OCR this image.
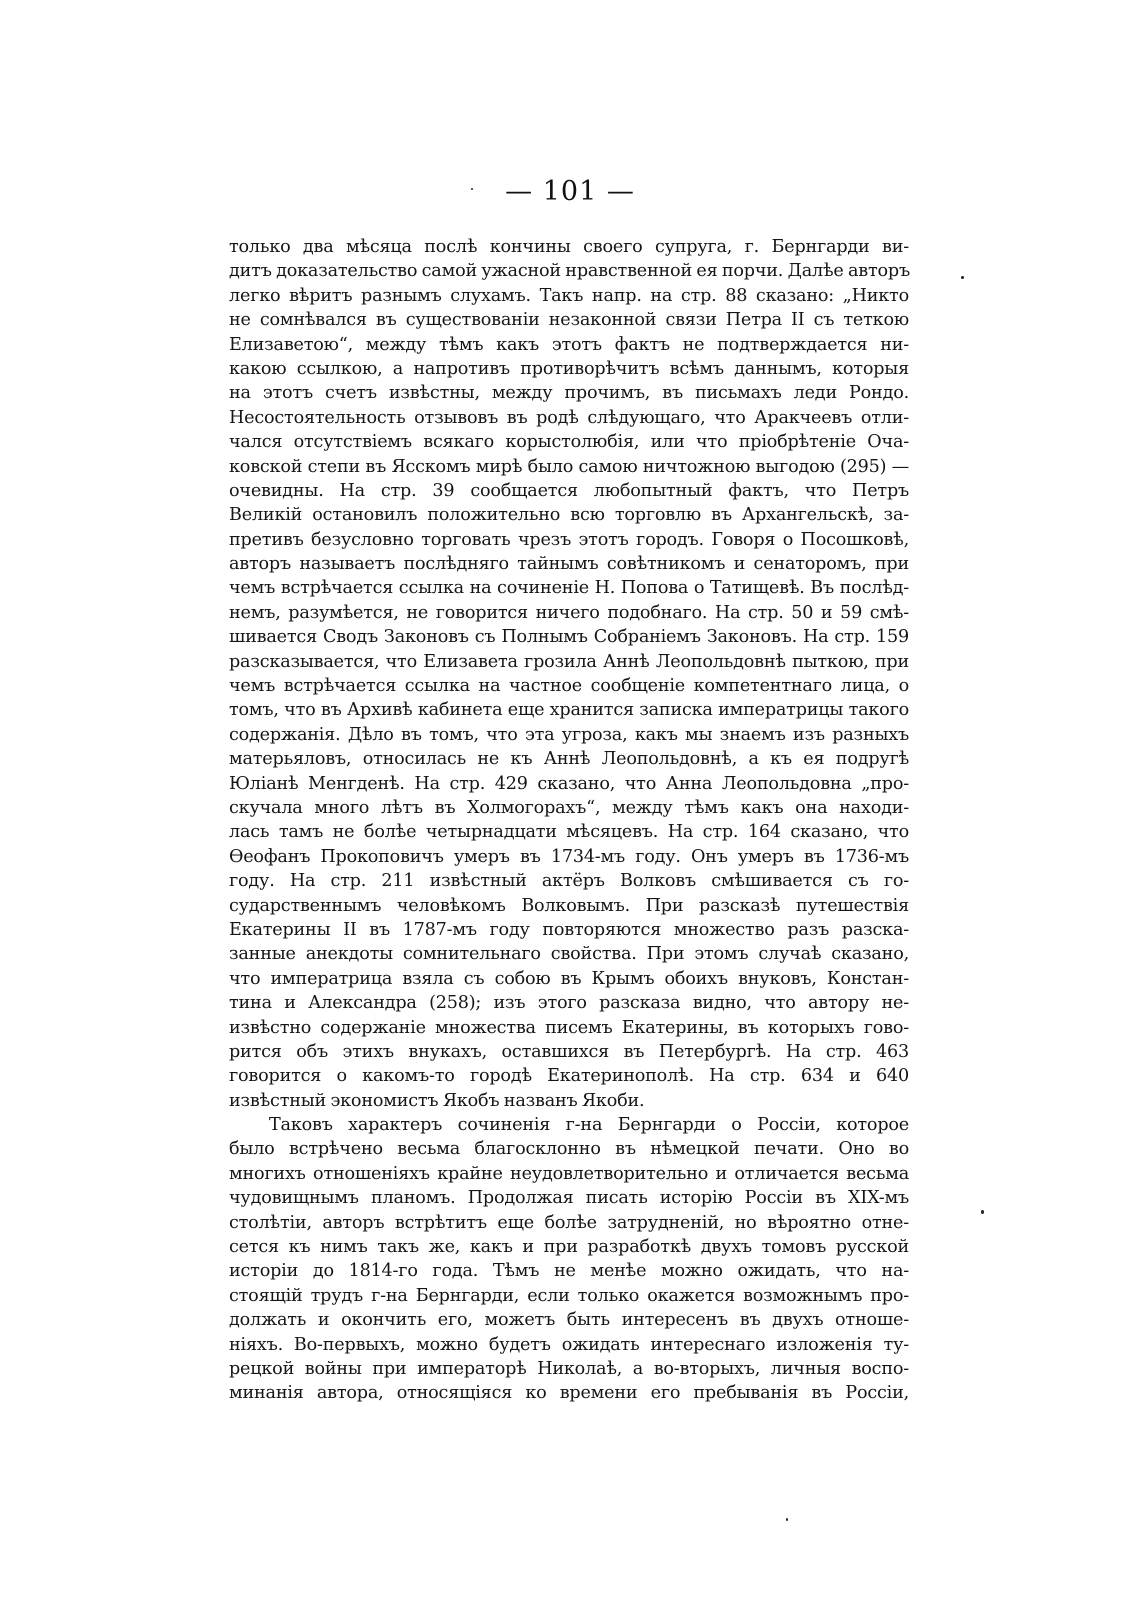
— 101 —
только два мѣсяца послѣ кончины своего супруга, г. Бернгарди ви-
дитъ доказательство самой ужасной нравственной ея порчи. Далѣе авторъ
легко вѣритъ разнымъ слухамъ. Такъ напр. на стр. 88 сказано: „Никто
не сомнѣвался въ существованіи незаконной связи Петра II съ теткою
Елизаветою“, между тѣмъ какъ этотъ фактъ не подтверждается ни-
какою ссылкою, а напротивъ противорѣчитъ всѣмъ даннымъ, которыя
на этотъ счетъ извѣстны, между прочимъ, въ письмахъ леди Рондо.
Несостоятельность отзывовъ въ родѣ слѣдующаго, что Аракчеевъ отли-
чался отсутствіемъ всякаго корыстолюбія, или что пріобрѣтеніе Оча-
ковской степи въ Ясскомъ мирѣ было самою ничтожною выгодою (295) —
очевидны. На стр. 39 сообщается любопытный фактъ, что Петръ
Великій остановилъ положительно всю торговлю въ Архангельскѣ, за-
претивъ безусловно торговать чрезъ этотъ городъ. Говоря о Посошковѣ,
авторъ называетъ послѣдняго тайнымъ совѣтникомъ и сенаторомъ, при
чемъ встрѣчается ссылка на сочиненіе Н. Попова о Татищевѣ. Въ послѣд-
немъ, разумѣется, не говорится ничего подобнаго. На стр. 50 и 59 смѣ-
шивается Сводъ Законовъ съ Полнымъ Собраніемъ Законовъ. На стр. 159
разсказывается, что Елизавета грозила Аннѣ Леопольдовнѣ пыткою, при
чемъ встрѣчается ссылка на частное сообщеніе компетентнаго лица, о
томъ, что въ Архивѣ кабинета еще хранится записка императрицы такого
содержанія. Дѣло въ томъ, что эта угроза, какъ мы знаемъ изъ разныхъ
матерьяловъ, относилась не къ Аннѣ Леопольдовнѣ, а къ ея подругѣ
Юліанѣ Менгденѣ. На стр. 429 сказано, что Анна Леопольдовна „про-
скучала много лѣтъ въ Холмогорахъ“, между тѣмъ какъ она находи-
лась тамъ не болѣе четырнадцати мѣсяцевъ. На стр. 164 сказано, что
Ѳеофанъ Прокоповичъ умеръ въ 1734-мъ году. Онъ умеръ въ 1736-мъ
году. На стр. 211 извѣстный актёръ Волковъ смѣшивается съ го-
сударственнымъ человѣкомъ Волковымъ. При разсказѣ путешествія
Екатерины II въ 1787-мъ году повторяются множество разъ разска-
занные анекдоты сомнительнаго свойства. При этомъ случаѣ сказано,
что императрица взяла съ собою въ Крымъ обоихъ внуковъ, Констан-
тина и Александра (258); изъ этого разсказа видно, что автору не-
извѣстно содержаніе множества писемъ Екатерины, въ которыхъ гово-
рится объ этихъ внукахъ, оставшихся въ Петербургѣ. На стр. 463
говорится о какомъ-то городѣ Екатеринополѣ. На стр. 634 и 640
извѣстный экономистъ Якобъ названъ Якоби.
Таковъ характеръ сочиненія г-на Бернгарди о Россіи, которое
было встрѣчено весьма благосклонно въ нѣмецкой печати. Оно во
многихъ отношеніяхъ крайне неудовлетворительно и отличается весьма
чудовищнымъ планомъ. Продолжая писать исторію Россіи въ XIX-мъ
столѣтіи, авторъ встрѣтитъ еще болѣе затрудненій, но вѣроятно отне-
сется къ нимъ такъ же, какъ и при разработкѣ двухъ томовъ русской
исторіи до 1814-го года. Тѣмъ не менѣе можно ожидать, что на-
стоящій трудъ г-на Бернгарди, если только окажется возможнымъ про-
должать и окончить его, можетъ быть интересенъ въ двухъ отноше-
ніяхъ. Во-первыхъ, можно будетъ ожидать интереснаго изложенія ту-
рецкой войны при императорѣ Николаѣ, а во-вторыхъ, личныя воспо-
минанія автора, относящіяся ко времени его пребыванія въ Россіи,
